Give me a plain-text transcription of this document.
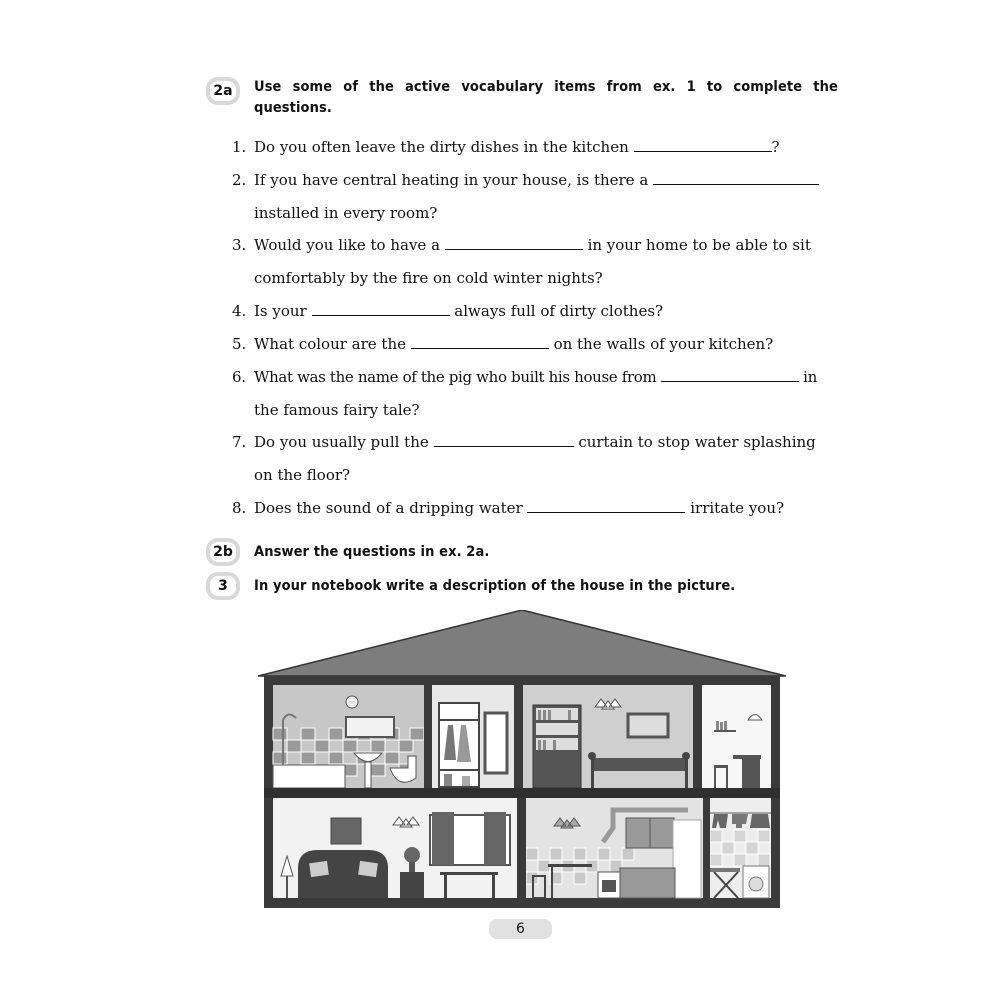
2a	Use some of the active vocabulary items from ex. 1 to complete the questions.
1. Do you often leave the dirty dishes in the kitchen	?
2. If you have central heating in your house, is there a
installed in every room?
3. Would you like to have a	in your home to be able to sit
comfortably by the fire on cold winter nights?
4. Is your	always full of dirty clothes?
5. What colour are the	on the walls of your kitchen?
6. What was the name of the pig who built his house from	in
the famous fairy tale?
7. Do you usually pull the	curtain to stop water splashing
on the floor?
8. Does the sound of a dripping water	irritate you?
2b	Answer the questions in ex. 2a.
3	In your notebook write a description of the house in the picture.
6
